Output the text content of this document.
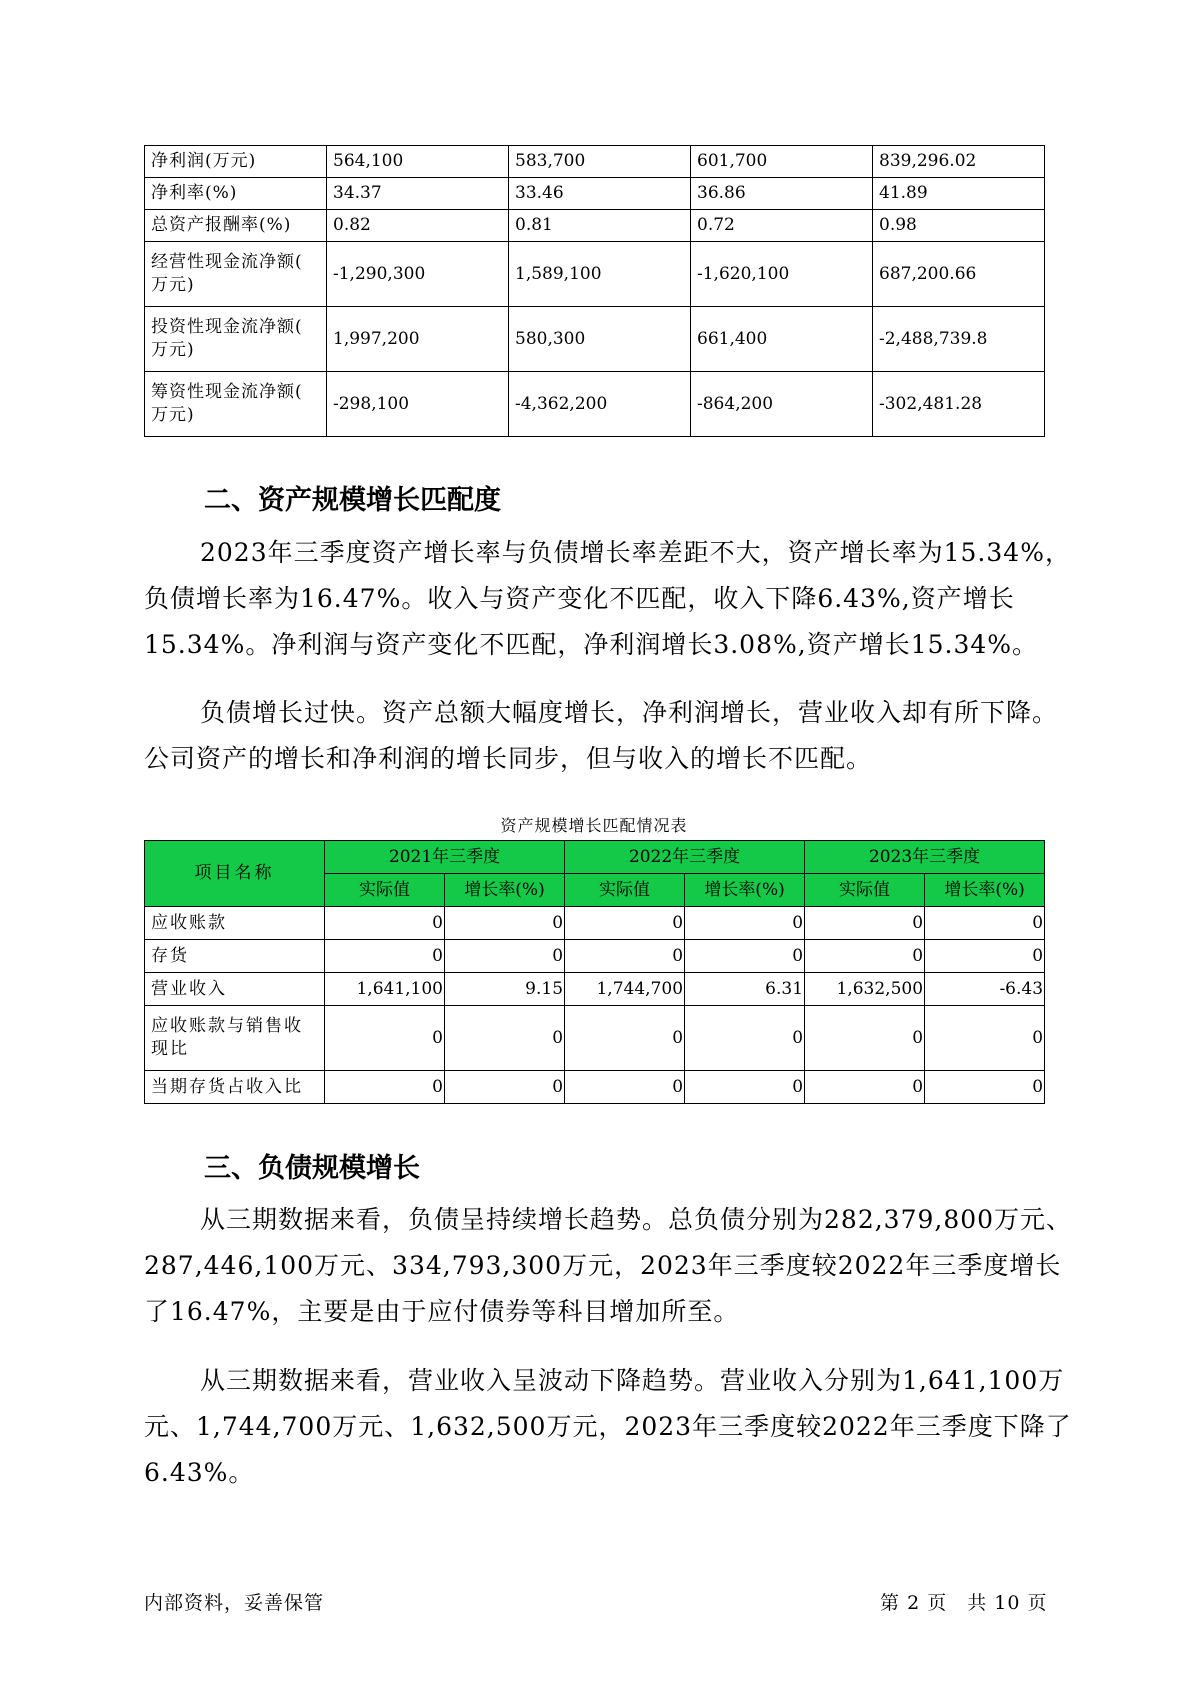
净利润(万元)	564,100	583,700	601,700	839,296.02
净利率(%)	34.37	33.46	36.86	41.89
总资产报酬率(%)	0.82	0.81	0.72	0.98

经营性现金流净额(
万元)	-1,290,300	1,589,100	-1,620,100	687,200.66

投资性现金流净额(
万元)	1,997,200	580,300	661,400	-2,488,739.8

筹资性现金流净额(
万元)	-298,100	-4,362,200	-864,200	-302,481.28
二、资产规模增长匹配度

2023年三季度资产增长率与负债增长率差距不大，资产增长率为15.34%，负债增长率为16.47%。收入与资产变化不匹配，收入下降6.43%,资产增长15.34%。净利润与资产变化不匹配，净利润增长3.08%,资产增长15.34%。

负债增长过快。资产总额大幅度增长，净利润增长，营业收入却有所下降。公司资产的增长和净利润的增长同步，但与收入的增长不匹配。

资产规模增长匹配情况表
项目名称	2021年三季度		2022年三季度		2023年三季度	
	实际值	增长率(%)	实际值	增长率(%)	实际值	增长率(%)
应收账款	0	0	0	0	0	0
存货	0	0	0	0	0	0
营业收入	1,641,100	9.15	1,744,700	6.31	1,632,500	-6.43

应收账款与销售收
现比	0	0	0	0	0	0
当期存货占收入比	0	0	0	0	0	0
三、负债规模增长

从三期数据来看，负债呈持续增长趋势。总负债分别为282,379,800万元、287,446,100万元、334,793,300万元，2023年三季度较2022年三季度增长了16.47%，主要是由于应付债券等科目增加所至。

从三期数据来看，营业收入呈波动下降趋势。营业收入分别为1,641,100万元、1,744,700万元、1,632,500万元，2023年三季度较2022年三季度下降了6.43%。

内部资料，妥善保管	第 2 页　共 10 页
